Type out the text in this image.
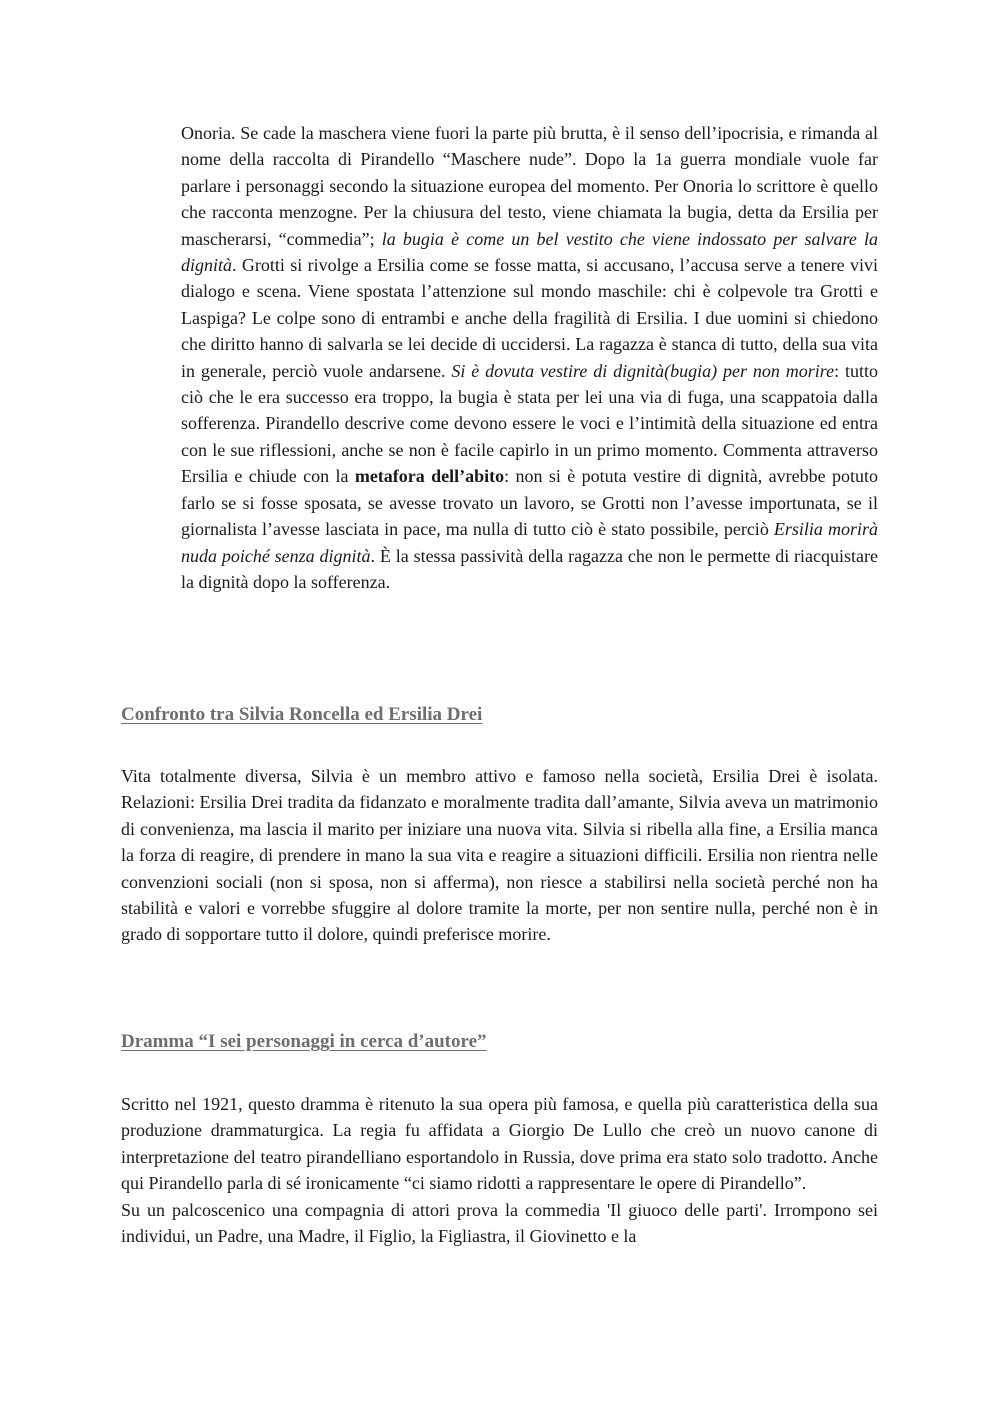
Onoria. Se cade la maschera viene fuori la parte più brutta, è il senso dell’ipocrisia, e rimanda al nome della raccolta di Pirandello “Maschere nude”. Dopo la 1a guerra mondiale vuole far parlare i personaggi secondo la situazione europea del momento. Per Onoria lo scrittore è quello che racconta menzogne. Per la chiusura del testo, viene chiamata la bugia, detta da Ersilia per mascherarsi, “commedia”; la bugia è come un bel vestito che viene indossato per salvare la dignità. Grotti si rivolge a Ersilia come se fosse matta, si accusano, l’accusa serve a tenere vivi dialogo e scena. Viene spostata l’attenzione sul mondo maschile: chi è colpevole tra Grotti e Laspiga? Le colpe sono di entrambi e anche della fragilità di Ersilia. I due uomini si chiedono che diritto hanno di salvarla se lei decide di uccidersi. La ragazza è stanca di tutto, della sua vita in generale, perciò vuole andarsene. Si è dovuta vestire di dignità(bugia) per non morire: tutto ciò che le era successo era troppo, la bugia è stata per lei una via di fuga, una scappatoia dalla sofferenza. Pirandello descrive come devono essere le voci e l’intimità della situazione ed entra con le sue riflessioni, anche se non è facile capirlo in un primo momento. Commenta attraverso Ersilia e chiude con la metafora dell’abito: non si è potuta vestire di dignità, avrebbe potuto farlo se si fosse sposata, se avesse trovato un lavoro, se Grotti non l’avesse importunata, se il giornalista l’avesse lasciata in pace, ma nulla di tutto ciò è stato possibile, perciò Ersilia morirà nuda poiché senza dignità. È la stessa passività della ragazza che non le permette di riacquistare la dignità dopo la sofferenza.

Confronto tra Silvia Roncella ed Ersilia Drei

Vita totalmente diversa, Silvia è un membro attivo e famoso nella società, Ersilia Drei è isolata. Relazioni: Ersilia Drei tradita da fidanzato e moralmente tradita dall’amante, Silvia aveva un matrimonio di convenienza, ma lascia il marito per iniziare una nuova vita. Silvia si ribella alla fine, a Ersilia manca la forza di reagire, di prendere in mano la sua vita e reagire a situazioni difficili. Ersilia non rientra nelle convenzioni sociali (non si sposa, non si afferma), non riesce a stabilirsi nella società perché non ha stabilità e valori e vorrebbe sfuggire al dolore tramite la morte, per non sentire nulla, perché non è in grado di sopportare tutto il dolore, quindi preferisce morire.

Dramma “I sei personaggi in cerca d’autore”
Scritto nel 1921, questo dramma è ritenuto la sua opera più famosa, e quella più caratteristica della sua produzione drammaturgica. La regia fu affidata a Giorgio De Lullo che creò un nuovo canone di interpretazione del teatro pirandelliano esportandolo in Russia, dove prima era stato solo tradotto. Anche qui Pirandello parla di sé ironicamente “ci siamo ridotti a rappresentare le opere di Pirandello”.
Su un palcoscenico una compagnia di attori prova la commedia 'Il giuoco delle parti'. Irrompono sei individui, un Padre, una Madre, il Figlio, la Figliastra, il Giovinetto e la
